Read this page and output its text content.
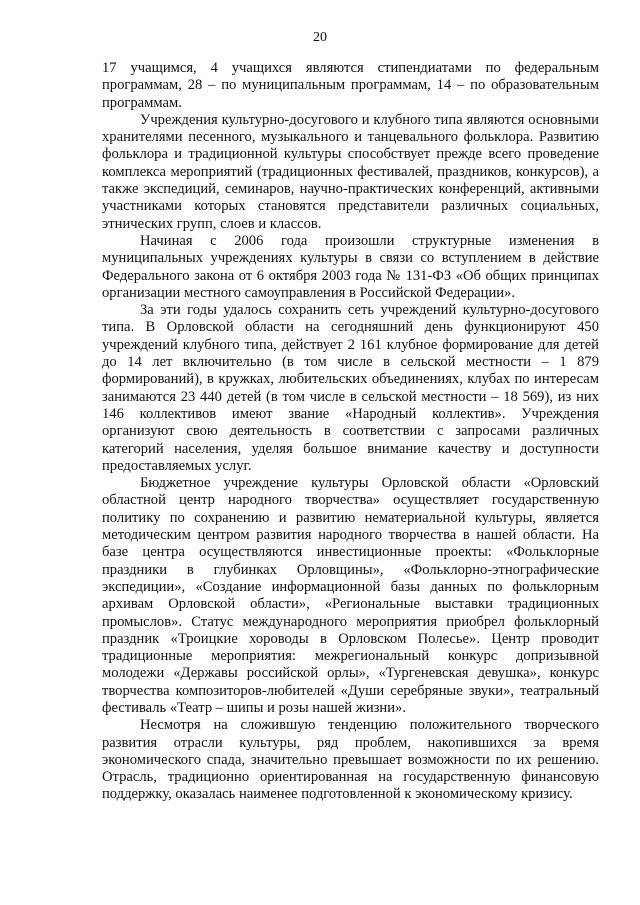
20

17 учащимся, 4 учащихся являются стипендиатами по федеральным программам, 28 – по муниципальным программам, 14 – по образовательным программам.

Учреждения культурно-досугового и клубного типа являются основными хранителями песенного, музыкального и танцевального фольклора. Развитию фольклора и традиционной культуры способствует прежде всего проведение комплекса мероприятий (традиционных фестивалей, праздников, конкурсов), а также экспедиций, семинаров, научно-практических конференций, активными участниками которых становятся представители различных социальных, этнических групп, слоев и классов.

Начиная с 2006 года произошли структурные изменения в муниципальных учреждениях культуры в связи со вступлением в действие Федерального закона от 6 октября 2003 года № 131-ФЗ «Об общих принципах организации местного самоуправления в Российской Федерации».

За эти годы удалось сохранить сеть учреждений культурно-досугового типа. В Орловской области на сегодняшний день функционируют 450 учреждений клубного типа, действует 2 161 клубное формирование для детей до 14 лет включительно (в том числе в сельской местности – 1 879 формирований), в кружках, любительских объединениях, клубах по интересам занимаются 23 440 детей (в том числе в сельской местности – 18 569), из них 146 коллективов имеют звание «Народный коллектив». Учреждения организуют свою деятельность в соответствии с запросами различных категорий населения, уделяя большое внимание качеству и доступности предоставляемых услуг.

Бюджетное учреждение культуры Орловской области «Орловский областной центр народного творчества» осуществляет государственную политику по сохранению и развитию нематериальной культуры, является методическим центром развития народного творчества в нашей области. На базе центра осуществляются инвестиционные проекты: «Фольклорные праздники в глубинках Орловщины», «Фольклорно-этнографические экспедиции», «Создание информационной базы данных по фольклорным архивам Орловской области», «Региональные выставки традиционных промыслов». Статус международного мероприятия приобрел фольклорный праздник «Троицкие хороводы в Орловском Полесье». Центр проводит традиционные мероприятия: межрегиональный конкурс допризывной молодежи «Державы российской орлы», «Тургеневская девушка», конкурс творчества композиторов-любителей «Души серебряные звуки», театральный фестиваль «Театр – шипы и розы нашей жизни».

Несмотря на сложившую тенденцию положительного творческого развития отрасли культуры, ряд проблем, накопившихся за время экономического спада, значительно превышает возможности по их решению. Отрасль, традиционно ориентированная на государственную финансовую поддержку, оказалась наименее подготовленной к экономическому кризису.
